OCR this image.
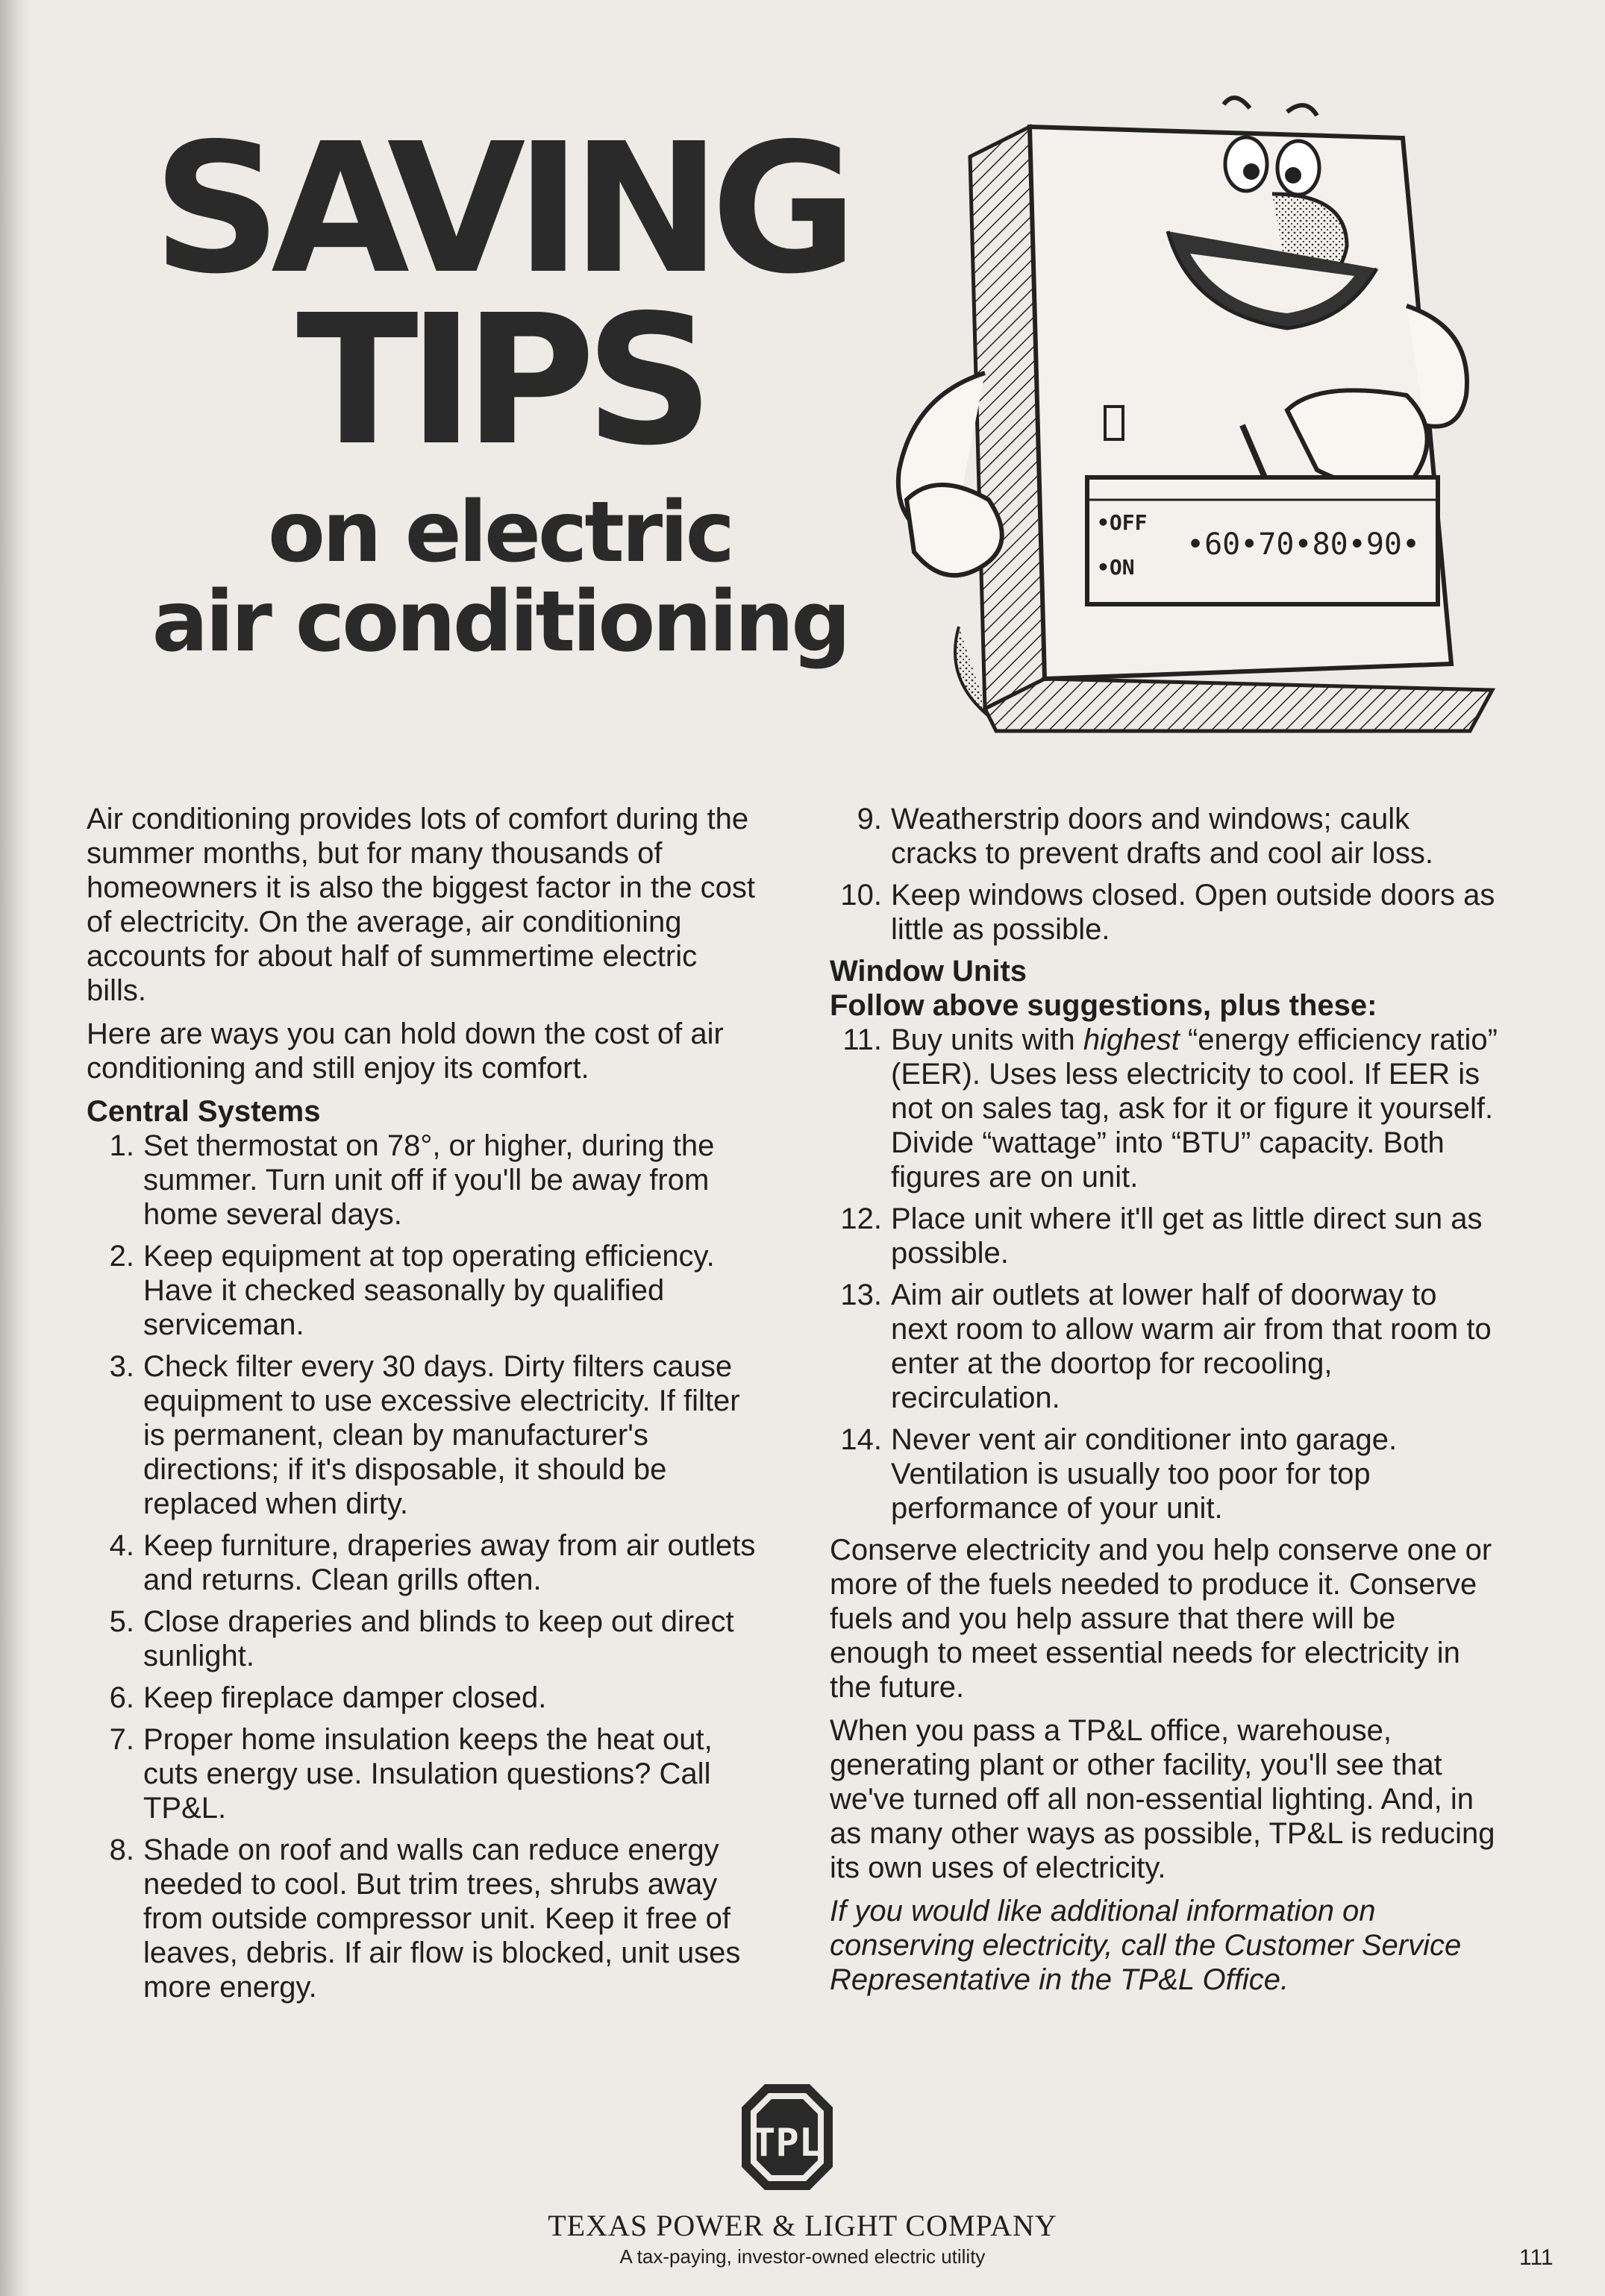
SAVING
TIPS
on electric
air conditioning
•OFF
•ON
•60•70•80•90•

Air conditioning provides lots of comfort during the summer months, but for many thousands of homeowners it is also the biggest factor in the cost of electricity. On the average, air conditioning accounts for about half of summertime electric bills.

Here are ways you can hold down the cost of air conditioning and still enjoy its comfort.

Central Systems
1. Set thermostat on 78°, or higher, during the summer. Turn unit off if you'll be away from home several days.
2. Keep equipment at top operating efficiency. Have it checked seasonally by qualified serviceman.
3. Check filter every 30 days. Dirty filters cause equipment to use excessive electricity. If filter is permanent, clean by manufacturer's directions; if it's disposable, it should be replaced when dirty.
4. Keep furniture, draperies away from air outlets and returns. Clean grills often.
5. Close draperies and blinds to keep out direct sunlight.
6. Keep fireplace damper closed.
7. Proper home insulation keeps the heat out, cuts energy use. Insulation questions? Call TP&L.
8. Shade on roof and walls can reduce energy needed to cool. But trim trees, shrubs away from outside compressor unit. Keep it free of leaves, debris. If air flow is blocked, unit uses more energy.
9. Weatherstrip doors and windows; caulk cracks to prevent drafts and cool air loss.
10. Keep windows closed. Open outside doors as little as possible.
Window Units
Follow above suggestions, plus these:
11. Buy units with highest “energy efficiency ratio” (EER). Uses less electricity to cool. If EER is not on sales tag, ask for it or figure it yourself. Divide “wattage” into “BTU” capacity. Both figures are on unit.
12. Place unit where it'll get as little direct sun as possible.
13. Aim air outlets at lower half of doorway to next room to allow warm air from that room to enter at the doortop for recooling, recirculation.
14. Never vent air conditioner into garage. Ventilation is usually too poor for top performance of your unit.

Conserve electricity and you help conserve one or more of the fuels needed to produce it. Conserve fuels and you help assure that there will be enough to meet essential needs for electricity in the future.

When you pass a TP&L office, warehouse, generating plant or other facility, you'll see that we've turned off all non-essential lighting. And, in as many other ways as possible, TP&L is reducing its own uses of electricity.

If you would like additional information on conserving electricity, call the Customer Service Representative in the TP&L Office.

TPL
TEXAS POWER & LIGHT COMPANY
A tax-paying, investor-owned electric utility	111
